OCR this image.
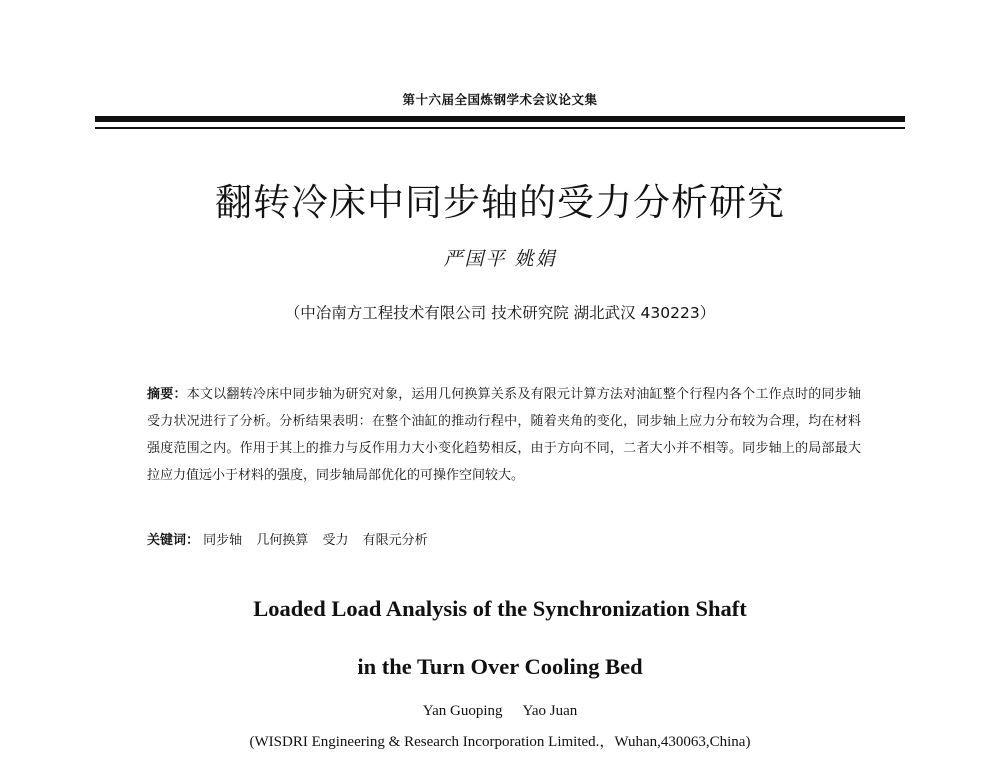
第十六届全国炼钢学术会议论文集
翻转冷床中同步轴的受力分析研究
严国平 姚娟
（中冶南方工程技术有限公司 技术研究院 湖北武汉 430223）
摘要：本文以翻转冷床中同步轴为研究对象，运用几何换算关系及有限元计算方法对油缸整个行程内各个工作点时的同步轴受力状况进行了分析。分析结果表明：在整个油缸的推动行程中，随着夹角的变化，同步轴上应力分布较为合理，均在材料强度范围之内。作用于其上的推力与反作用力大小变化趋势相反，由于方向不同，二者大小并不相等。同步轴上的局部最大拉应力值远小于材料的强度，同步轴局部优化的可操作空间较大。
关键词： 同步轴 几何换算 受力 有限元分析
Loaded Load Analysis of the Synchronization Shaft
in the Turn Over Cooling Bed
Yan Guoping Yao Juan
(WISDRI Engineering & Research Incorporation Limited.，Wuhan,430063,China)
